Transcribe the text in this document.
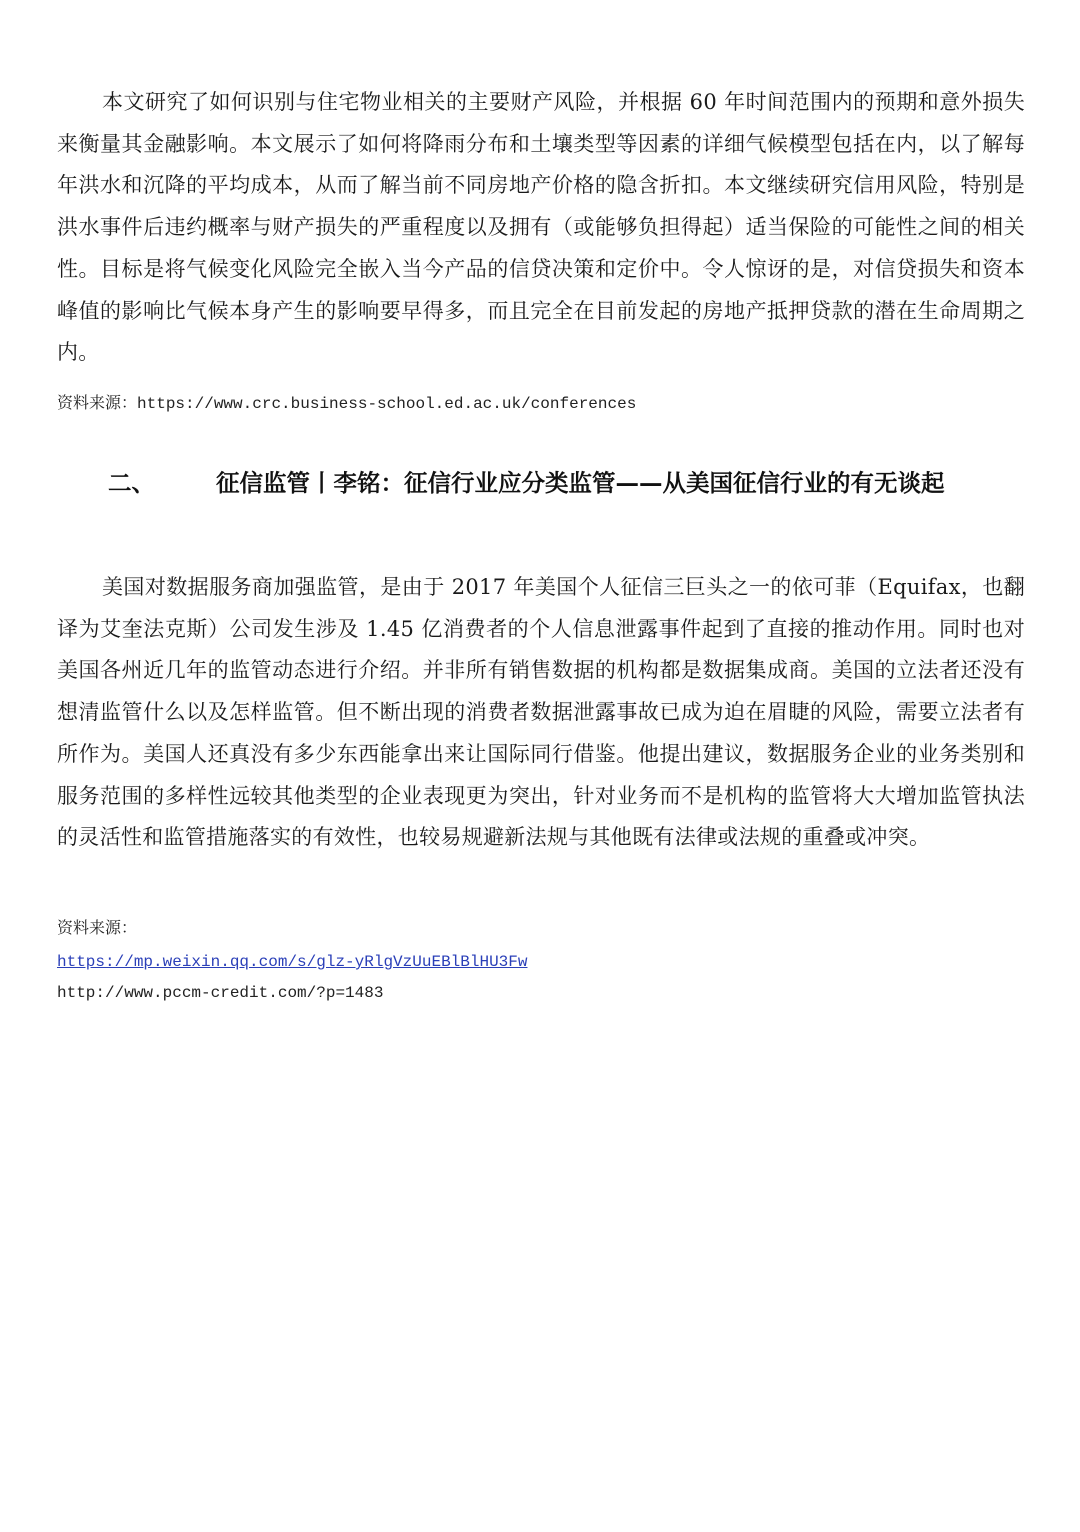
本文研究了如何识别与住宅物业相关的主要财产风险，并根据 60 年时间范围内的预期和意外损失来衡量其金融影响。本文展示了如何将降雨分布和土壤类型等因素的详细气候模型包括在内，以了解每年洪水和沉降的平均成本，从而了解当前不同房地产价格的隐含折扣。本文继续研究信用风险，特别是洪水事件后违约概率与财产损失的严重程度以及拥有（或能够负担得起）适当保险的可能性之间的相关性。目标是将气候变化风险完全嵌入当今产品的信贷决策和定价中。令人惊讶的是，对信贷损失和资本峰值的影响比气候本身产生的影响要早得多，而且完全在目前发起的房地产抵押贷款的潜在生命周期之内。

资料来源：https://www.crc.business-school.ed.ac.uk/conferences

二、	征信监管丨李铭：征信行业应分类监管——从美国征信行业的有无谈起

美国对数据服务商加强监管，是由于 2017 年美国个人征信三巨头之一的依可菲（Equifax，也翻译为艾奎法克斯）公司发生涉及 1.45 亿消费者的个人信息泄露事件起到了直接的推动作用。同时也对美国各州近几年的监管动态进行介绍。并非所有销售数据的机构都是数据集成商。美国的立法者还没有想清监管什么以及怎样监管。但不断出现的消费者数据泄露事故已成为迫在眉睫的风险，需要立法者有所作为。美国人还真没有多少东西能拿出来让国际同行借鉴。他提出建议，数据服务企业的业务类别和服务范围的多样性远较其他类型的企业表现更为突出，针对业务而不是机构的监管将大大增加监管执法的灵活性和监管措施落实的有效性，也较易规避新法规与其他既有法律或法规的重叠或冲突。

资料来源：

https://mp.weixin.qq.com/s/glz-yRlgVzUuEBlBlHU3Fw

http://www.pccm-credit.com/?p=1483
